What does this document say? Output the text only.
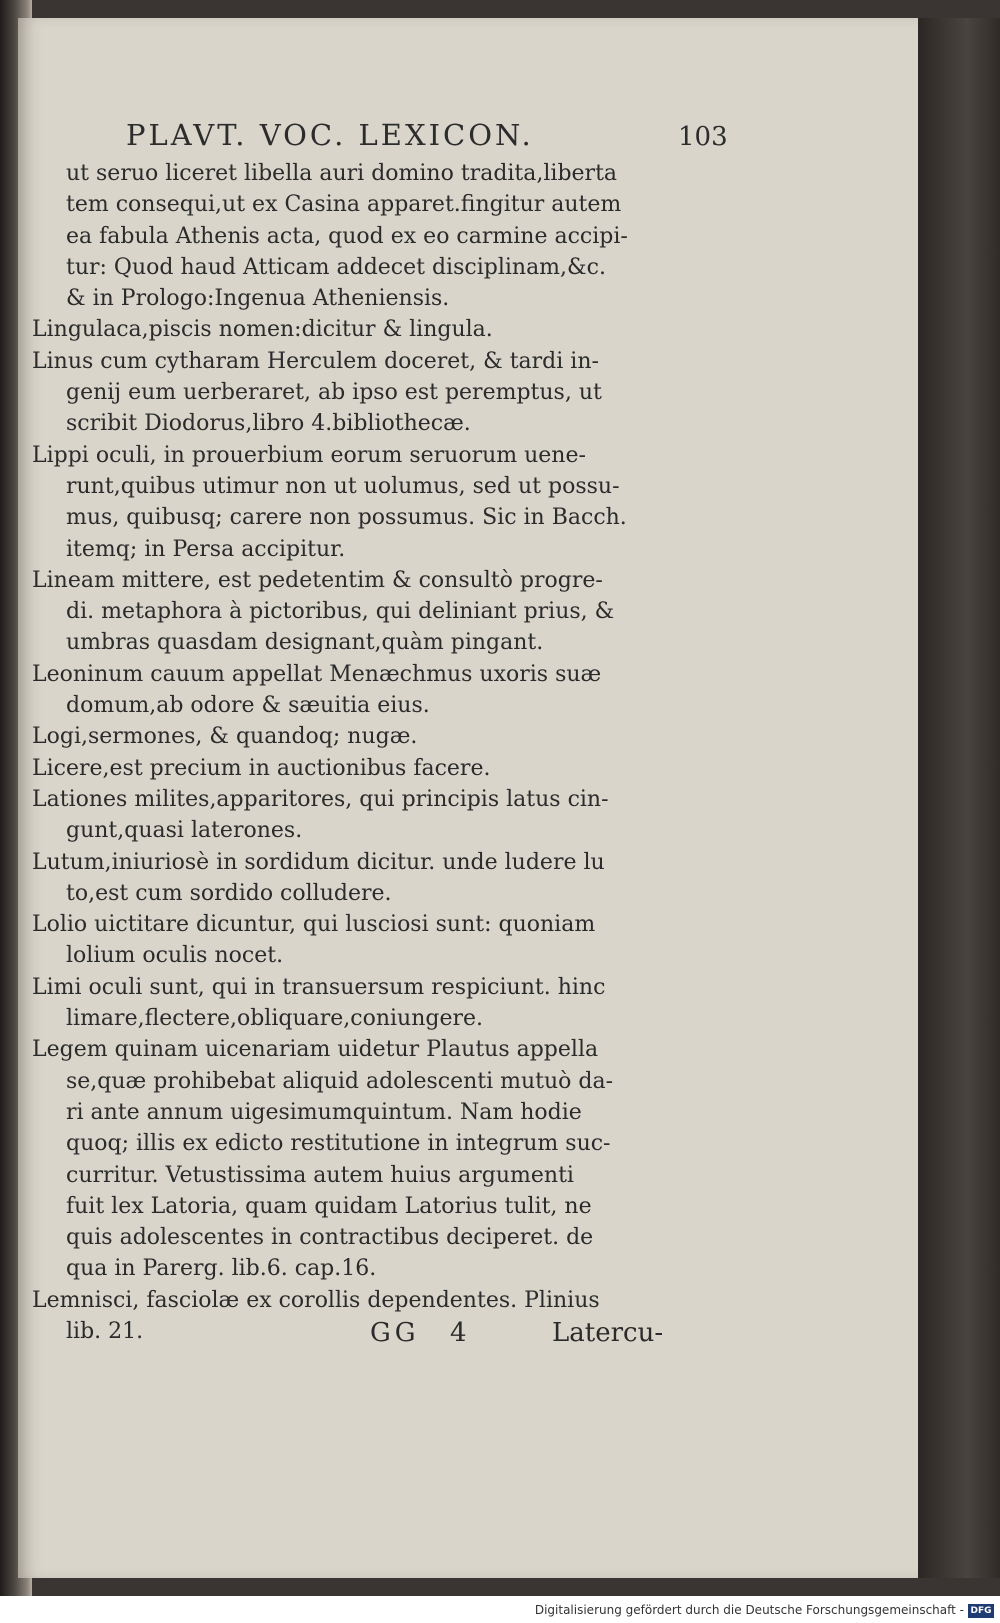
PLAVT. VOC. LEXICON.	103
ut seruo liceret libella auri domino tradita,liberta
tem consequi,ut ex Casina apparet.fingitur autem
ea fabula Athenis acta, quod ex eo carmine accipi-
tur: Quod haud Atticam addecet disciplinam,&c.
& in Prologo:Ingenua Atheniensis.
Lingulaca,piscis nomen:dicitur & lingula.
Linus cum cytharam Herculem doceret, & tardi in-
genij eum uerberaret, ab ipso est peremptus, ut
scribit Diodorus,libro 4.bibliothecæ.
Lippi oculi, in prouerbium eorum seruorum uene-
runt,quibus utimur non ut uolumus, sed ut possu-
mus, quibusq; carere non possumus. Sic in Bacch.
itemq; in Persa accipitur.
Lineam mittere, est pedetentim & consultò progre-
di. metaphora à pictoribus, qui deliniant prius, &
umbras quasdam designant,quàm pingant.
Leoninum cauum appellat Menæchmus uxoris suæ
domum,ab odore & sæuitia eius.
Logi,sermones, & quandoq; nugæ.
Licere,est precium in auctionibus facere.
Lationes milites,apparitores, qui principis latus cin-
gunt,quasi laterones.
Lutum,iniuriosè in sordidum dicitur. unde ludere lu
to,est cum sordido colludere.
Lolio uictitare dicuntur, qui lusciosi sunt: quoniam
lolium oculis nocet.
Limi oculi sunt, qui in transuersum respiciunt. hinc
limare,flectere,obliquare,coniungere.
Legem quinam uicenariam uidetur Plautus appella
se,quæ prohibebat aliquid adolescenti mutuò da-
ri ante annum uigesimumquintum. Nam hodie
quoq; illis ex edicto restitutione in integrum suc-
curritur. Vetustissima autem huius argumenti
fuit lex Latoria, quam quidam Latorius tulit, ne
quis adolescentes in contractibus deciperet. de
qua in Parerg. lib.6. cap.16.
Lemnisci, fasciolæ ex corollis dependentes. Plinius
lib. 21.	GG 4	Latercu-
Digitalisierung gefördert durch die Deutsche Forschungsgemeinschaft - DFG
